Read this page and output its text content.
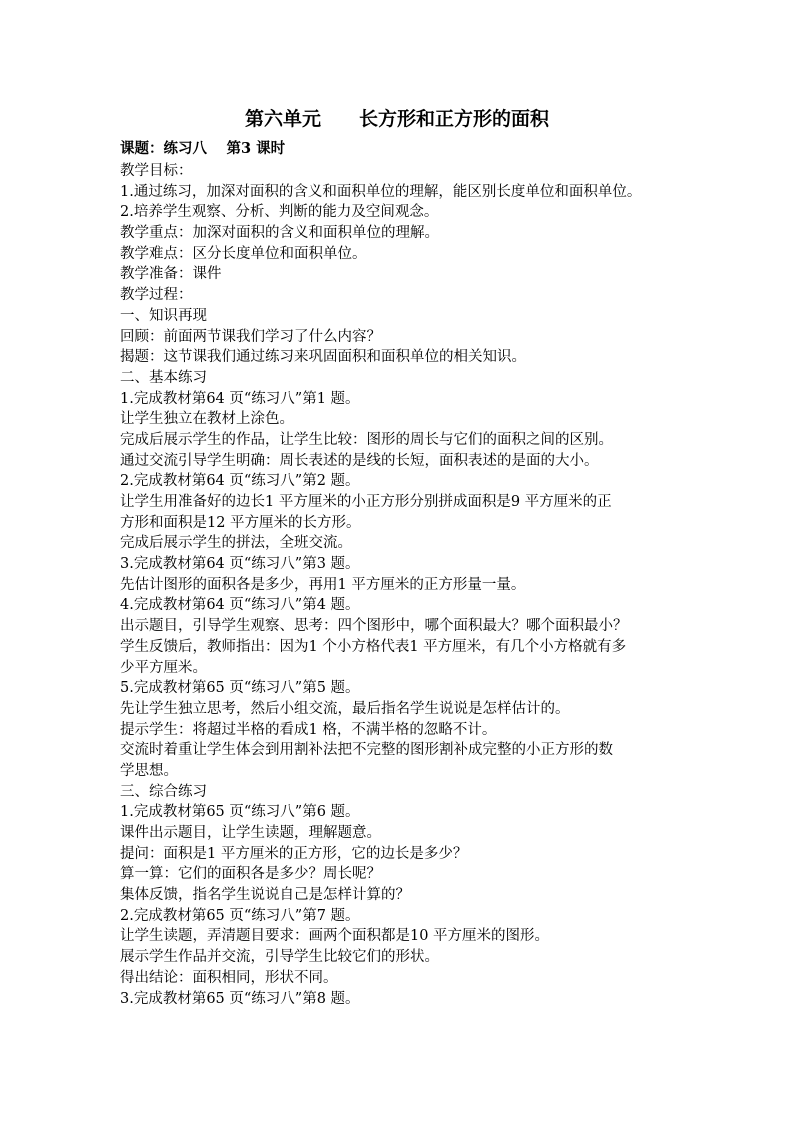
第六单元　　长方形和正方形的面积
课题：练习八　 第3 课时
教学目标：
1.通过练习，加深对面积的含义和面积单位的理解，能区别长度单位和面积单位。
2.培养学生观察、分析、判断的能力及空间观念。
教学重点：加深对面积的含义和面积单位的理解。
教学难点：区分长度单位和面积单位。
教学准备：课件
教学过程：
一、知识再现
回顾：前面两节课我们学习了什么内容？
揭题：这节课我们通过练习来巩固面积和面积单位的相关知识。
二、基本练习
1.完成教材第64 页“练习八”第1 题。
让学生独立在教材上涂色。
完成后展示学生的作品，让学生比较：图形的周长与它们的面积之间的区别。
通过交流引导学生明确：周长表述的是线的长短，面积表述的是面的大小。
2.完成教材第64 页“练习八”第2 题。
让学生用准备好的边长1 平方厘米的小正方形分别拼成面积是9 平方厘米的正
方形和面积是12 平方厘米的长方形。
完成后展示学生的拼法，全班交流。
3.完成教材第64 页“练习八”第3 题。
先估计图形的面积各是多少，再用1 平方厘米的正方形量一量。
4.完成教材第64 页“练习八”第4 题。
出示题目，引导学生观察、思考：四个图形中，哪个面积最大？哪个面积最小？
学生反馈后，教师指出：因为1 个小方格代表1 平方厘米，有几个小方格就有多
少平方厘米。
5.完成教材第65 页“练习八”第5 题。
先让学生独立思考，然后小组交流，最后指名学生说说是怎样估计的。
提示学生：将超过半格的看成1 格，不满半格的忽略不计。
交流时着重让学生体会到用割补法把不完整的图形割补成完整的小正方形的数
学思想。
三、综合练习
1.完成教材第65 页“练习八”第6 题。
课件出示题目，让学生读题，理解题意。
提问：面积是1 平方厘米的正方形，它的边长是多少？
算一算：它们的面积各是多少？周长呢？
集体反馈，指名学生说说自己是怎样计算的？
2.完成教材第65 页“练习八”第7 题。
让学生读题，弄清题目要求：画两个面积都是10 平方厘米的图形。
展示学生作品并交流，引导学生比较它们的形状。
得出结论：面积相同，形状不同。
3.完成教材第65 页“练习八”第8 题。
